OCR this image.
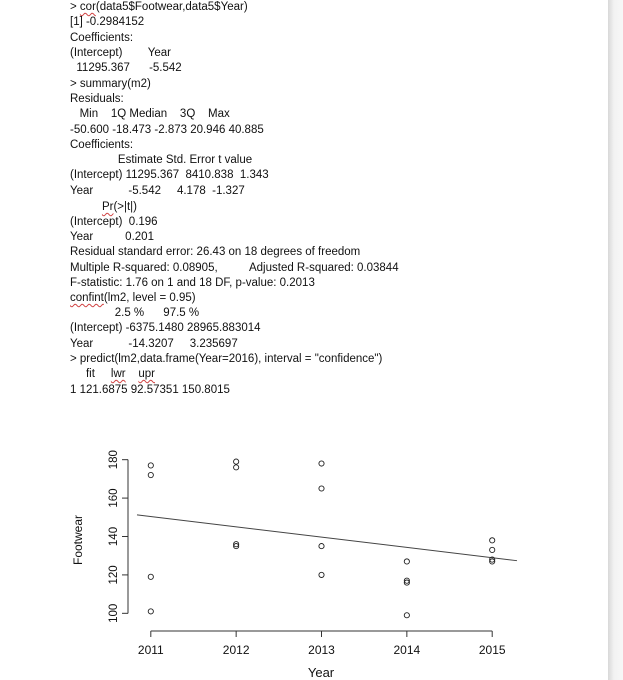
> cor(data5$Footwear,data5$Year)
[1] -0.2984152
Coefficients:
(Intercept)        Year
11295.367      -5.542
> summary(m2)
Residuals:
Min    1Q Median    3Q    Max
-50.600 -18.473 -2.873 20.946 40.885
Coefficients:
Estimate Std. Error t value
(Intercept) 11295.367  8410.838  1.343
Year           -5.542     4.178  -1.327
Pr(>|t|)
(Intercept)  0.196
Year          0.201
Residual standard error: 26.43 on 18 degrees of freedom
Multiple R-squared: 0.08905,          Adjusted R-squared: 0.03844
F-statistic: 1.76 on 1 and 18 DF, p-value: 0.2013
confint(lm2, level = 0.95)
2.5 %      97.5 %
(Intercept) -6375.1480 28965.883014
Year           -14.3207     3.235697
> predict(lm2,data.frame(Year=2016), interval = "confidence")
fit     lwr upr
1 121.6875 92.57351 150.8015
2011	2012	2013	2014	2015
100
120
140
160
180
Footwear
Year
